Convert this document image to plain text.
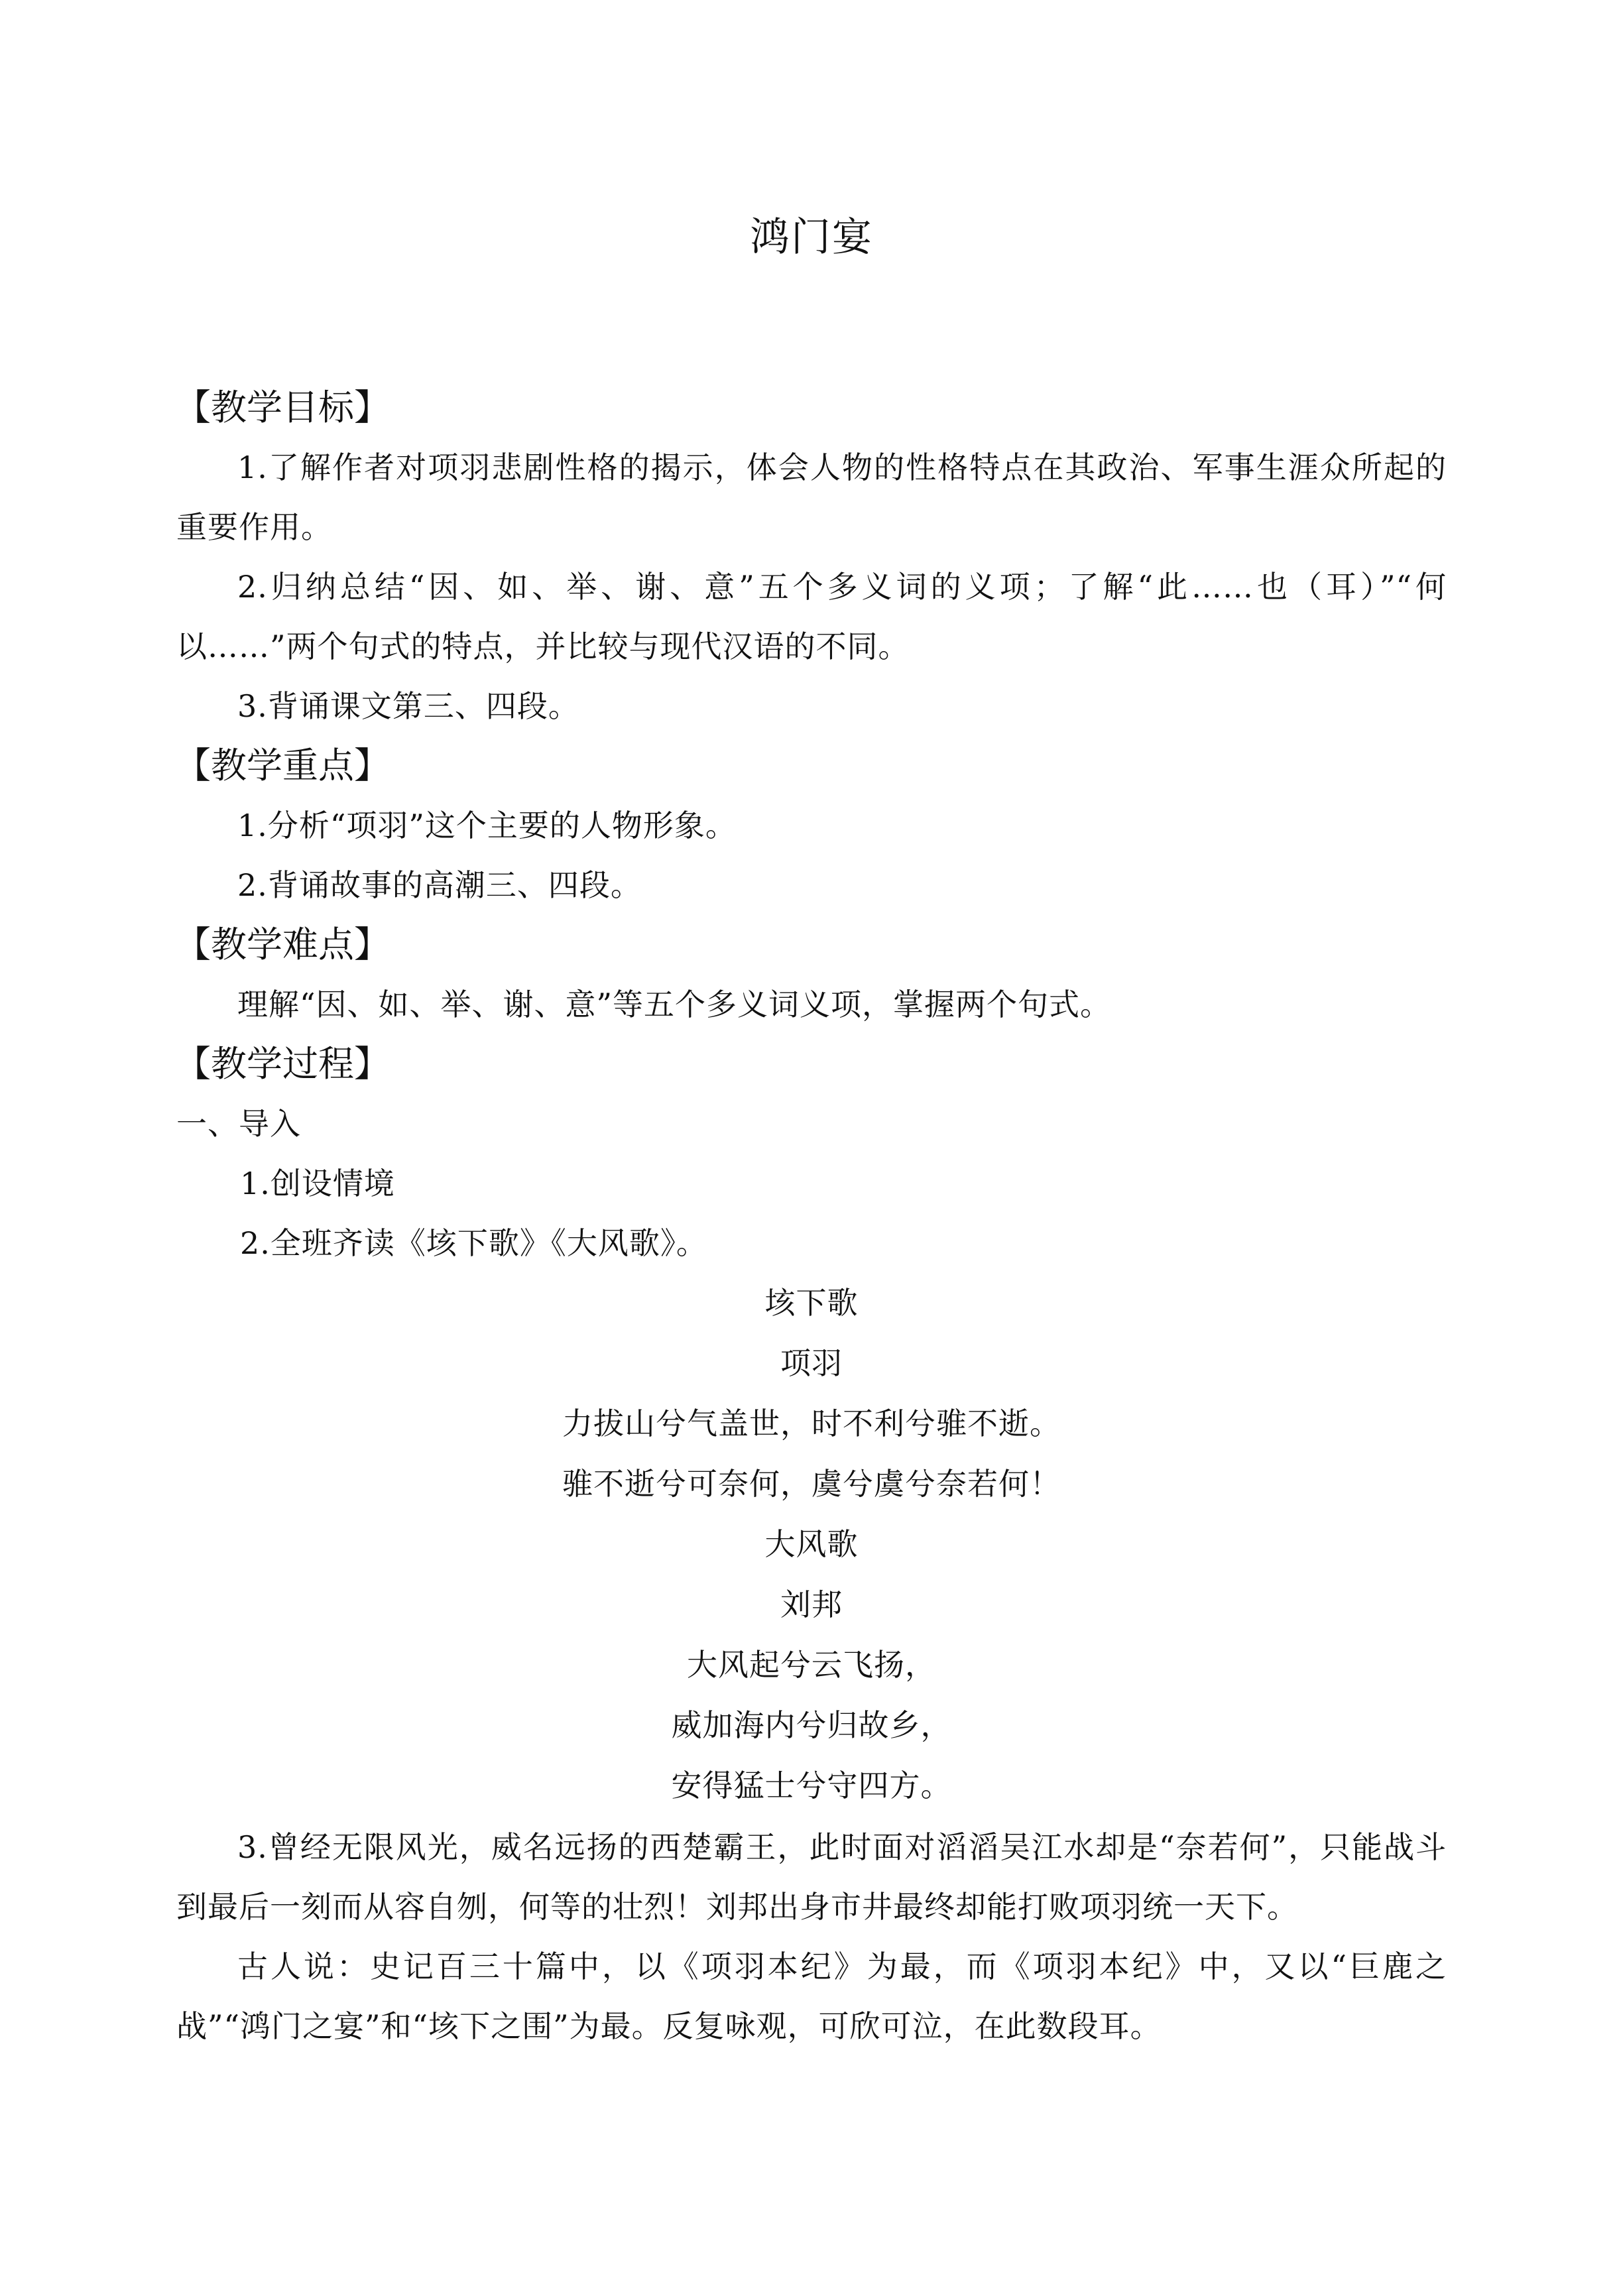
鸿门宴
【教学目标】
1.了解作者对项羽悲剧性格的揭示，体会人物的性格特点在其政治、军事生涯众所起的重要作用。
2.归纳总结“因、如、举、谢、意”五个多义词的义项；了解“此……也（耳）”“何以……”两个句式的特点，并比较与现代汉语的不同。
3.背诵课文第三、四段。
【教学重点】
1.分析“项羽”这个主要的人物形象。
2.背诵故事的高潮三、四段。
【教学难点】
理解“因、如、举、谢、意”等五个多义词义项，掌握两个句式。
【教学过程】
一、导入
1.创设情境
2.全班齐读《垓下歌》《大风歌》。
垓下歌
项羽
力拔山兮气盖世，时不利兮骓不逝。
骓不逝兮可奈何，虞兮虞兮奈若何！
大风歌
刘邦
大风起兮云飞扬，
威加海内兮归故乡，
安得猛士兮守四方。
3.曾经无限风光，威名远扬的西楚霸王，此时面对滔滔吴江水却是“奈若何”，只能战斗到最后一刻而从容自刎，何等的壮烈！刘邦出身市井最终却能打败项羽统一天下。
古人说：史记百三十篇中，以《项羽本纪》为最，而《项羽本纪》中，又以“巨鹿之战”“鸿门之宴”和“垓下之围”为最。反复咏观，可欣可泣，在此数段耳。
